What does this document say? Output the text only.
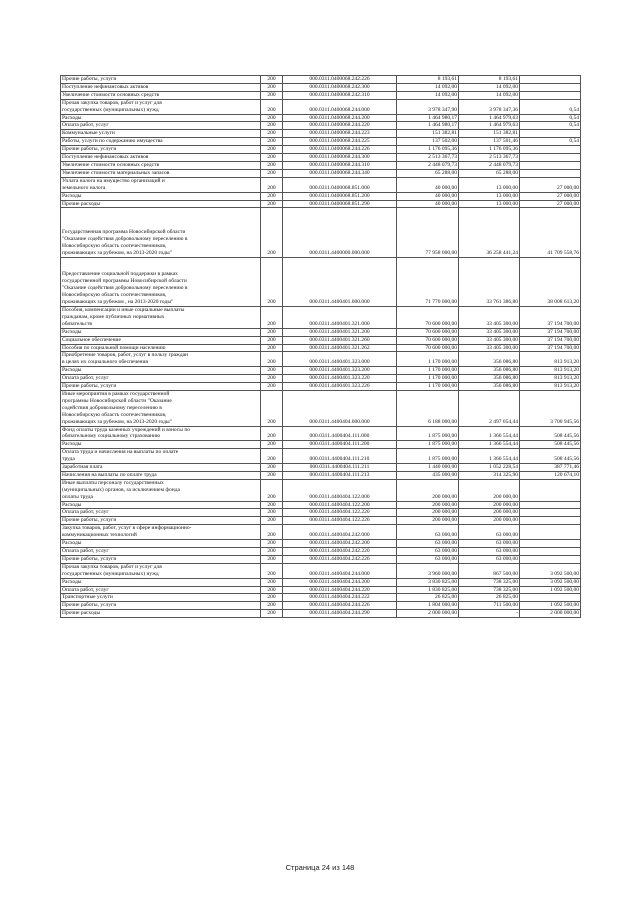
Прочие работы, услуги	200	000.0311.0400068.242.226	8 193,61	8 193,61	
Поступление нефинансовых активов	200	000.0311.0400068.242.300	14 092,00	14 092,00	
Увеличение стоимости основных средств	200	000.0311.0400068.242.310	14 092,00	14 092,00	
Прочая закупка товаров, работ и услуг для
государственных (муниципальных) нужд	200	000.0311.0400068.244.000	3 978 347,90	3 978 347,36	0,54
Расходы	200	000.0311.0400068.244.200	1 464 980,17	1 464 979,63	0,54
Оплата работ, услуг	200	000.0311.0400068.244.220	1 464 980,17	1 464 979,63	0,54
Коммунальные услуги	200	000.0311.0400068.244.223	151 382,81	151 382,81	
Работы, услуги по содержанию имущества	200	000.0311.0400068.244.225	137 502,00	137 501,46	0,54
Прочие работы, услуги	200	000.0311.0400068.244.226	1 176 095,36	1 176 095,36	
Поступление нефинансовых активов	200	000.0311.0400068.244.300	2 513 367,73	2 513 367,73	
Увеличение стоимости основных средств	200	000.0311.0400068.244.310	2 448 079,73	2 448 079,73	
Увеличение стоимости материальных запасов	200	000.0311.0400068.244.340	65 288,00	65 288,00	
Уплата налога на имущество организаций и
земельного налога	200	000.0311.0400068.851.000	40 000,00	13 000,00	27 000,00
Расходы	200	000.0311.0400068.851.200	40 000,00	13 000,00	27 000,00
Прочие расходы	200	000.0311.0400068.851.290	40 000,00	13 000,00	27 000,00

Государственная программа Новосибирской области
"Оказание содействия добровольному переселению в
Новосибирскую область соотечественников,
проживающих за рубежом, на 2013-2020 годы"	200	000.0311.4400000.000.000	77 958 000,00	36 258 441,24	41 709 558,76

Предоставление социальной поддержки в рамках
государственной программы Новосибирской области
"Оказание содействия добровольному переселению в
Новосибирскую область соотечественников,
проживающих за рубежом , на 2013-2020 годы"	200	000.0311.4400401.000.000	71 770 000,00	33 761 386,80	38 008 613,20
Пособия, компенсации и иные социальные выплаты
гражданам, кроме публичных нормативных
обязательств	200	000.0311.4400401.321.000	70 600 000,00	33 405 300,00	37 194 700,00
Расходы	200	000.0311.4400401.321.200	70 600 000,00	33 405 300,00	37 194 700,00
Социальное обеспечение	200	000.0311.4400401.321.260	70 600 000,00	33 405 300,00	37 194 700,00
Пособия по социальной помощи населению	200	000.0311.4400401.321.262	70 600 000,00	33 405 300,00	37 194 700,00
Приобретение товаров, работ, услуг в пользу граждан
в целях их социального обеспечения	200	000.0311.4400401.323.000	1 170 000,00	356 086,80	813 913,20
Расходы	200	000.0311.4400401.323.200	1 170 000,00	356 086,80	813 913,20
Оплата работ, услуг	200	000.0311.4400401.323.220	1 170 000,00	356 086,80	813 913,20
Прочие работы, услуги	200	000.0311.4400401.323.226	1 170 000,00	356 086,80	813 913,20
Иные мероприятия в рамках государственной
программы Новосибирской области "Оказание
содействия добровольному переселению в
Новосибирскую область соотечественников,
проживающих за рубежом, на 2013-2020 годы"	200	000.0311.4400404.000.000	6 188 000,00	2 497 054,44	3 700 945,56
Фонд оплаты труда казенных учреждений и взносы по
обязательному социальному страхованию	200	000.0311.4400404.111.000	1 875 000,00	1 366 554,44	508 445,56
Расходы	200	000.0311.4400404.111.200	1 875 000,00	1 366 554,44	508 445,56
Оплата труда и начисления на выплаты по оплате
труда	200	000.0311.4400404.111.210	1 875 000,00	1 366 554,44	508 445,56
Заработная плата	200	000.0311.4400404.111.211	1 440 000,00	1 052 228,54	387 771,46
Начисления на выплаты по оплате труда	200	000.0311.4400404.111.213	435 000,00	314 325,90	120 674,10
Иные выплаты персоналу государственных
(муниципальных) органов, за исключением фонда
оплаты труда	200	000.0311.4400404.122.000	200 000,00	200 000,00	
Расходы	200	000.0311.4400404.122.200	200 000,00	200 000,00	
Оплата работ, услуг	200	000.0311.4400404.122.220	200 000,00	200 000,00	
Прочие работы, услуги	200	000.0311.4400404.122.226	200 000,00	200 000,00	
Закупка товаров, работ, услуг в сфере информационно-
коммуникационных технологий	200	000.0311.4400404.242.000	63 000,00	63 000,00	
Расходы	200	000.0311.4400404.242.200	63 000,00	63 000,00	
Оплата работ, услуг	200	000.0311.4400404.242.220	63 000,00	63 000,00	
Прочие работы, услуги	200	000.0311.4400404.242.226	63 000,00	63 000,00	
Прочая закупка товаров, работ и услуг для
государственных (муниципальных) нужд	200	000.0311.4400404.244.000	3 960 000,00	867 500,00	3 092 500,00
Расходы	200	000.0311.4400404.244.200	3 830 825,00	738 325,00	3 092 500,00
Оплата работ, услуг	200	000.0311.4400404.244.220	1 830 825,00	738 325,00	1 092 500,00
Транспортные услуги	200	000.0311.4400404.244.222	26 825,00	26 825,00	
Прочие работы, услуги	200	000.0311.4400404.244.226	1 804 000,00	711 500,00	1 092 500,00
Прочие расходы	200	000.0311.4400404.244.290	2 000 000,00	-	2 000 000,00
Страница 24 из 148
